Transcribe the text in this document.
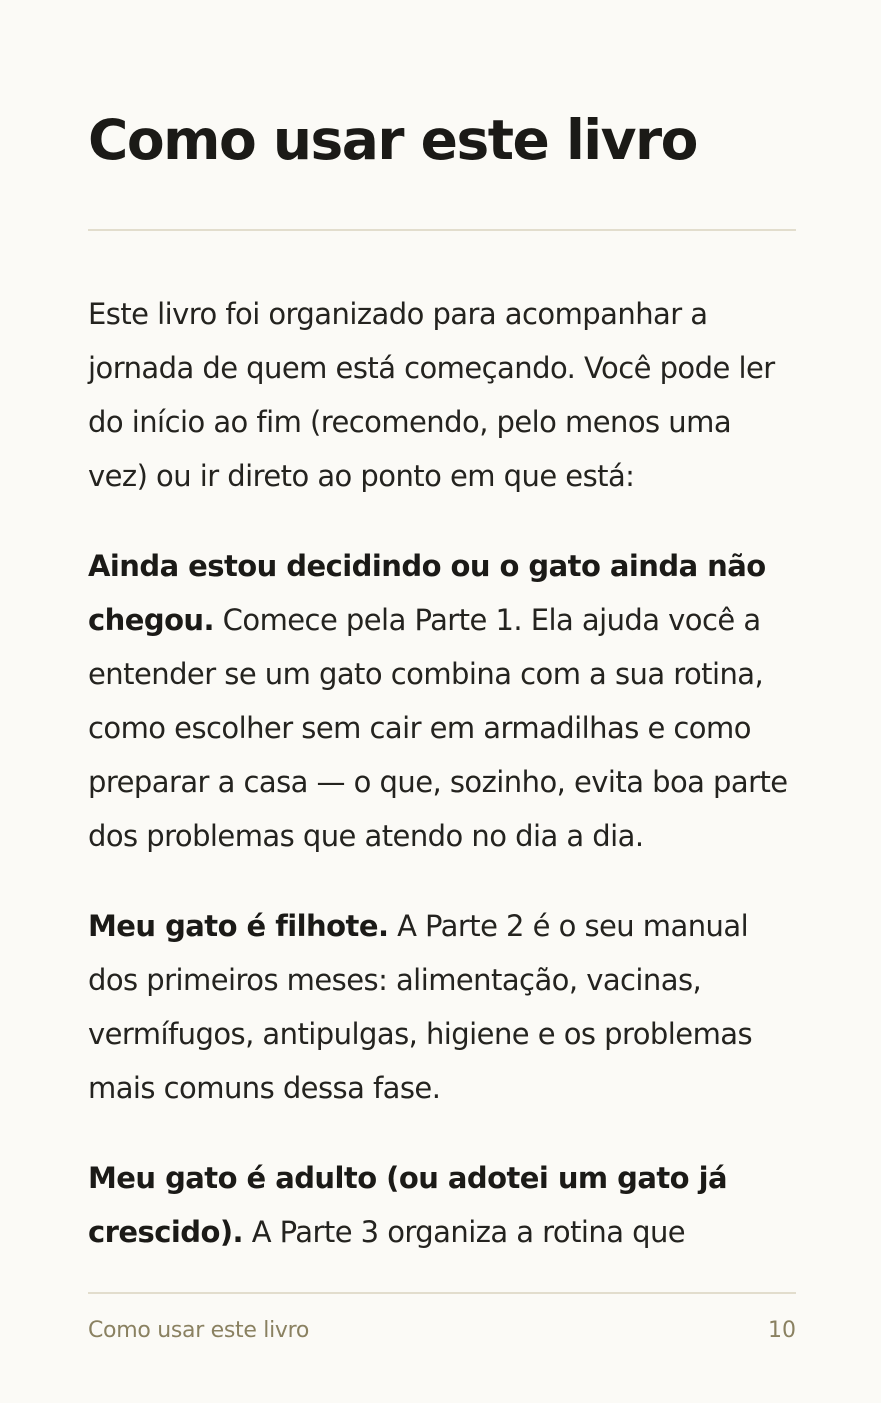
Como usar este livro

Este livro foi organizado para acompanhar a jornada de quem está começando. Você pode ler do início ao fim (recomendo, pelo menos uma vez) ou ir direto ao ponto em que está:

Ainda estou decidindo ou o gato ainda não chegou. Comece pela Parte 1. Ela ajuda você a entender se um gato combina com a sua rotina, como escolher sem cair em armadilhas e como preparar a casa — o que, sozinho, evita boa parte dos problemas que atendo no dia a dia.

Meu gato é filhote. A Parte 2 é o seu manual dos primeiros meses: alimentação, vacinas, vermífugos, antipulgas, higiene e os problemas mais comuns dessa fase.

Meu gato é adulto (ou adotei um gato já crescido). A Parte 3 organiza a rotina que

Como usar este livro	10
